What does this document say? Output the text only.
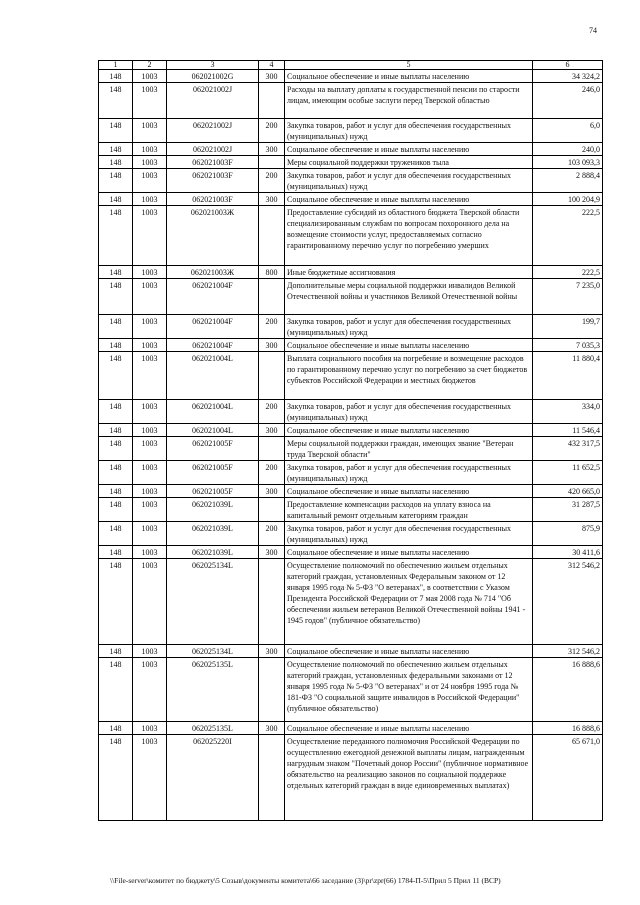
74
1	2	3	4	5	6
148	1003	062021002G	300	Социальное обеспечение и иные выплаты населению	34 324,2
148	1003	062021002J		Расходы на выплату доплаты к государственной пенсии по старости лицам, имеющим особые заслуги перед Тверской областью	246,0
148	1003	062021002J	200	Закупка товаров, работ и услуг для обеспечения государственных (муниципальных) нужд	6,0
148	1003	062021002J	300	Социальное обеспечение и иные выплаты населению	240,0
148	1003	062021003F		Меры социальной поддержки тружеников тыла	103 093,3
148	1003	062021003F	200	Закупка товаров, работ и услуг для обеспечения государственных (муниципальных) нужд	2 888,4
148	1003	062021003F	300	Социальное обеспечение и иные выплаты населению	100 204,9
148	1003	062021003Ж		Предоставление субсидий из областного бюджета Тверской области специализированным службам по вопросам похоронного дела на возмещение стоимости услуг, предоставляемых согласно гарантированному перечню услуг по погребению умерших	222,5
148	1003	062021003Ж	800	Иные бюджетные ассигнования	222,5
148	1003	062021004F		Дополнительные меры социальной поддержки инвалидов Великой Отечественной войны и участников Великой Отечественной войны	7 235,0
148	1003	062021004F	200	Закупка товаров, работ и услуг для обеспечения государственных (муниципальных) нужд	199,7
148	1003	062021004F	300	Социальное обеспечение и иные выплаты населению	7 035,3
148	1003	062021004L		Выплата социального пособия на погребение и возмещение расходов по гарантированному перечню услуг по погребению за счет бюджетов субъектов Российской Федерации и местных бюджетов	11 880,4
148	1003	062021004L	200	Закупка товаров, работ и услуг для обеспечения государственных (муниципальных) нужд	334,0
148	1003	062021004L	300	Социальное обеспечение и иные выплаты населению	11 546,4
148	1003	062021005F		Меры социальной поддержки граждан, имеющих звание "Ветеран труда Тверской области"	432 317,5
148	1003	062021005F	200	Закупка товаров, работ и услуг для обеспечения государственных (муниципальных) нужд	11 652,5
148	1003	062021005F	300	Социальное обеспечение и иные выплаты населению	420 665,0
148	1003	062021039L		Предоставление компенсации расходов на уплату взноса на капитальный ремонт отдельным категориям граждан	31 287,5
148	1003	062021039L	200	Закупка товаров, работ и услуг для обеспечения государственных (муниципальных) нужд	875,9
148	1003	062021039L	300	Социальное обеспечение и иные выплаты населению	30 411,6
148	1003	062025134L		Осуществление полномочий по обеспечению жильем отдельных категорий граждан, установленных Федеральным законом от 12 января 1995 года № 5-ФЗ "О ветеранах", в соответствии с Указом Президента Российской Федерации от 7 мая 2008 года № 714 "Об обеспечении жильем ветеранов Великой Отечественной войны 1941 - 1945 годов" (публичное обязательство)	312 546,2
148	1003	062025134L	300	Социальное обеспечение и иные выплаты населению	312 546,2
148	1003	062025135L		Осуществление полномочий по обеспечению жильем отдельных категорий граждан, установленных федеральными законами от 12 января 1995 года № 5-ФЗ "О ветеранах" и от 24 ноября 1995 года № 181-ФЗ "О социальной защите инвалидов в Российской Федерации" (публичное обязательство)	16 888,6
148	1003	062025135L	300	Социальное обеспечение и иные выплаты населению	16 888,6
148	1003	062025220I		Осуществление переданного полномочия Российской Федерации по осуществлению ежегодной денежной выплаты лицам, награжденным нагрудным знаком "Почетный донор России" (публичное нормативное обязательство на реализацию законов по социальной поддержке отдельных категорий граждан в виде единовременных выплатах)	65 671,0
\\File-server\комитет по бюджету\5 Созыв\документы комитета\66 заседание (3)\pr\zpr(66) 1784-П-5\Прил 5 Прил 11 (ВСР)
